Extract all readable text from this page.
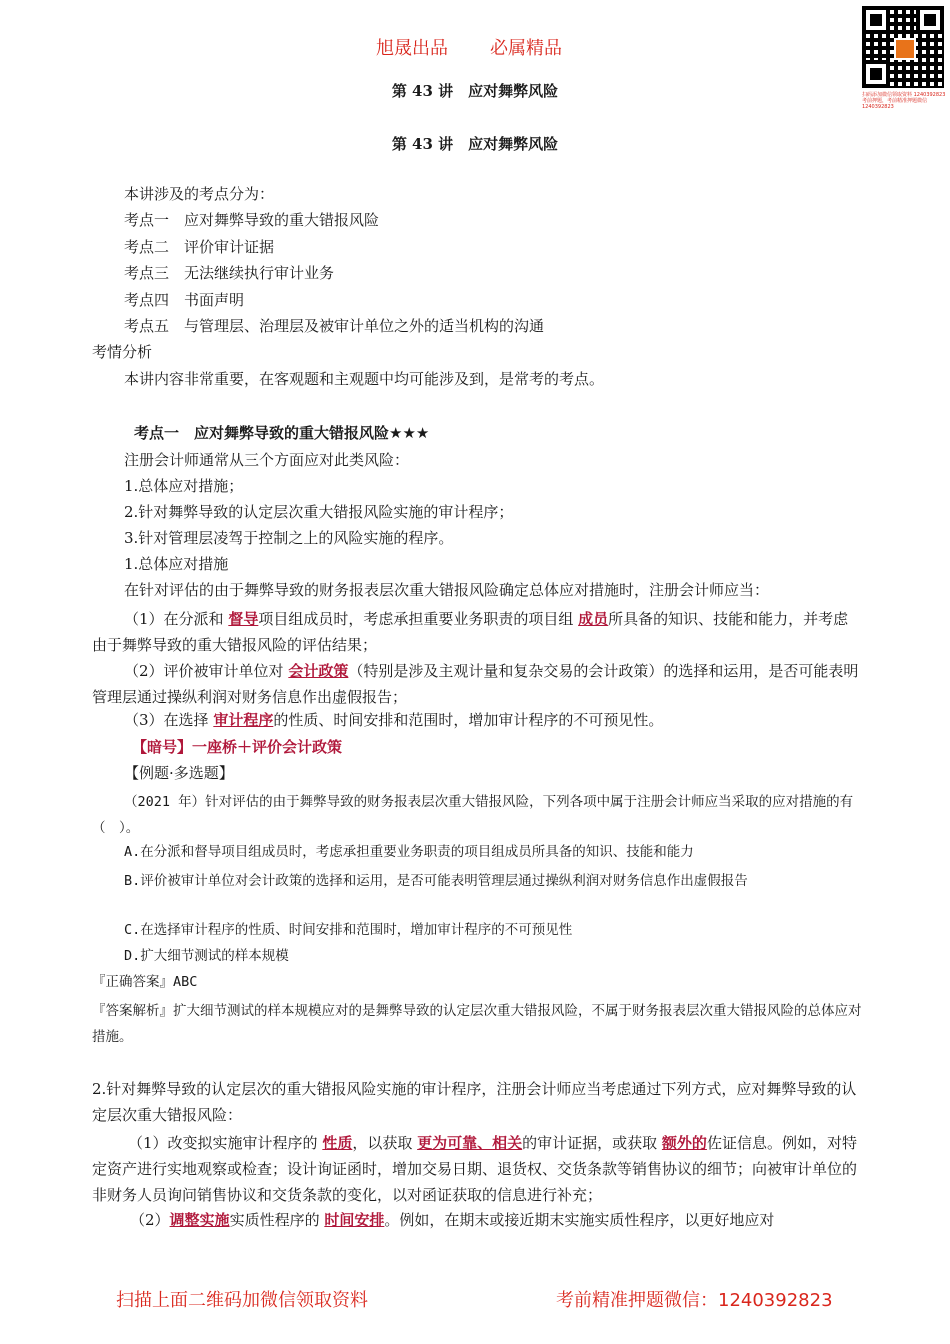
旭晟出品 必属精品
扫码添加微信领取资料 1240392823
考前押题，考前精准押题微信 1240392823
第 43 讲　应对舞弊风险
第 43 讲　应对舞弊风险
本讲涉及的考点分为：
考点一　应对舞弊导致的重大错报风险
考点二　评价审计证据
考点三　无法继续执行审计业务
考点四　书面声明
考点五　与管理层、治理层及被审计单位之外的适当机构的沟通
考情分析
本讲内容非常重要，在客观题和主观题中均可能涉及到，是常考的考点。
考点一　应对舞弊导致的重大错报风险★★★
注册会计师通常从三个方面应对此类风险：
1.总体应对措施；
2.针对舞弊导致的认定层次重大错报风险实施的审计程序；
3.针对管理层凌驾于控制之上的风险实施的程序。
1.总体应对措施
在针对评估的由于舞弊导致的财务报表层次重大错报风险确定总体应对措施时，注册会计师应当：
（1）在分派和 督导项目组成员时，考虑承担重要业务职责的项目组 成员所具备的知识、技能和能力，并考虑由于舞弊导致的重大错报风险的评估结果；
（2）评价被审计单位对 会计政策（特别是涉及主观计量和复杂交易的会计政策）的选择和运用，是否可能表明管理层通过操纵利润对财务信息作出虚假报告；
（3）在选择 审计程序的性质、时间安排和范围时，增加审计程序的不可预见性。
【暗号】一座桥＋评价会计政策
【例题·多选题】
（2021 年）针对评估的由于舞弊导致的财务报表层次重大错报风险，下列各项中属于注册会计师应当采取的应对措施的有（　）。
A.在分派和督导项目组成员时，考虑承担重要业务职责的项目组成员所具备的知识、技能和能力
B.评价被审计单位对会计政策的选择和运用，是否可能表明管理层通过操纵利润对财务信息作出虚假报告
C.在选择审计程序的性质、时间安排和范围时，增加审计程序的不可预见性
D.扩大细节测试的样本规模
『正确答案』ABC
『答案解析』扩大细节测试的样本规模应对的是舞弊导致的认定层次重大错报风险，不属于财务报表层次重大错报风险的总体应对措施。
2.针对舞弊导致的认定层次的重大错报风险实施的审计程序，注册会计师应当考虑通过下列方式，应对舞弊导致的认定层次重大错报风险：
（1）改变拟实施审计程序的 性质，以获取 更为可靠、相关的审计证据，或获取 额外的佐证信息。例如，对特定资产进行实地观察或检查；设计询证函时，增加交易日期、退货权、交货条款等销售协议的细节；向被审计单位的非财务人员询问销售协议和交货条款的变化，以对函证获取的信息进行补充；
（2）调整实施实质性程序的 时间安排。例如，在期末或接近期末实施实质性程序，以更好地应对
扫描上面二维码加微信领取资料	考前精准押题微信：1240392823
